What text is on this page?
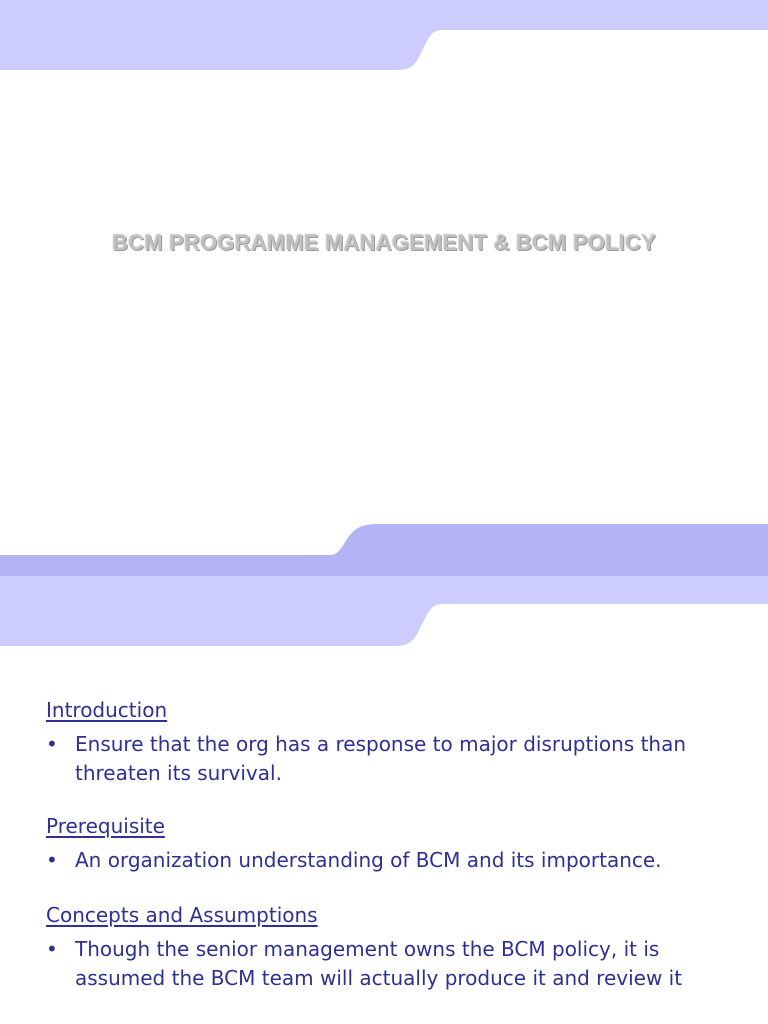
BCM PROGRAMME MANAGEMENT & BCM POLICY
Introduction
• Ensure that the org has a response to major disruptions than threaten its survival.
Prerequisite
• An organization understanding of BCM and its importance.
Concepts and Assumptions
• Though the senior management owns the BCM policy, it is assumed the BCM team will actually produce it and review it
